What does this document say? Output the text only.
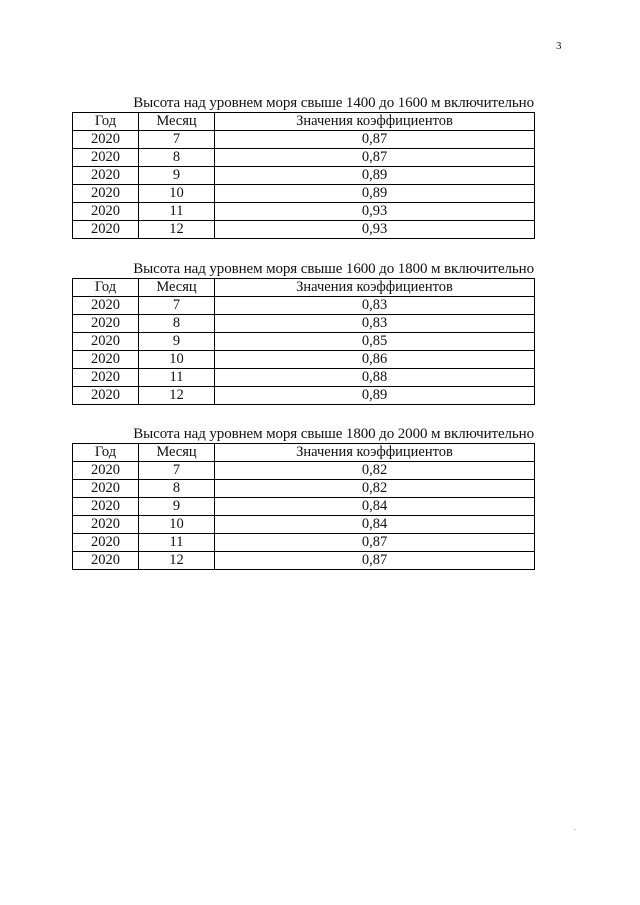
3
Высота над уровнем моря свыше 1400 до 1600 м включительно
Год	Месяц	Значения коэффициентов
2020	7	0,87
2020	8	0,87
2020	9	0,89
2020	10	0,89
2020	11	0,93
2020	12	0,93
Высота над уровнем моря свыше 1600 до 1800 м включительно
Год	Месяц	Значения коэффициентов
2020	7	0,83
2020	8	0,83
2020	9	0,85
2020	10	0,86
2020	11	0,88
2020	12	0,89
Высота над уровнем моря свыше 1800 до 2000 м включительно
Год	Месяц	Значения коэффициентов
2020	7	0,82
2020	8	0,82
2020	9	0,84
2020	10	0,84
2020	11	0,87
2020	12	0,87
